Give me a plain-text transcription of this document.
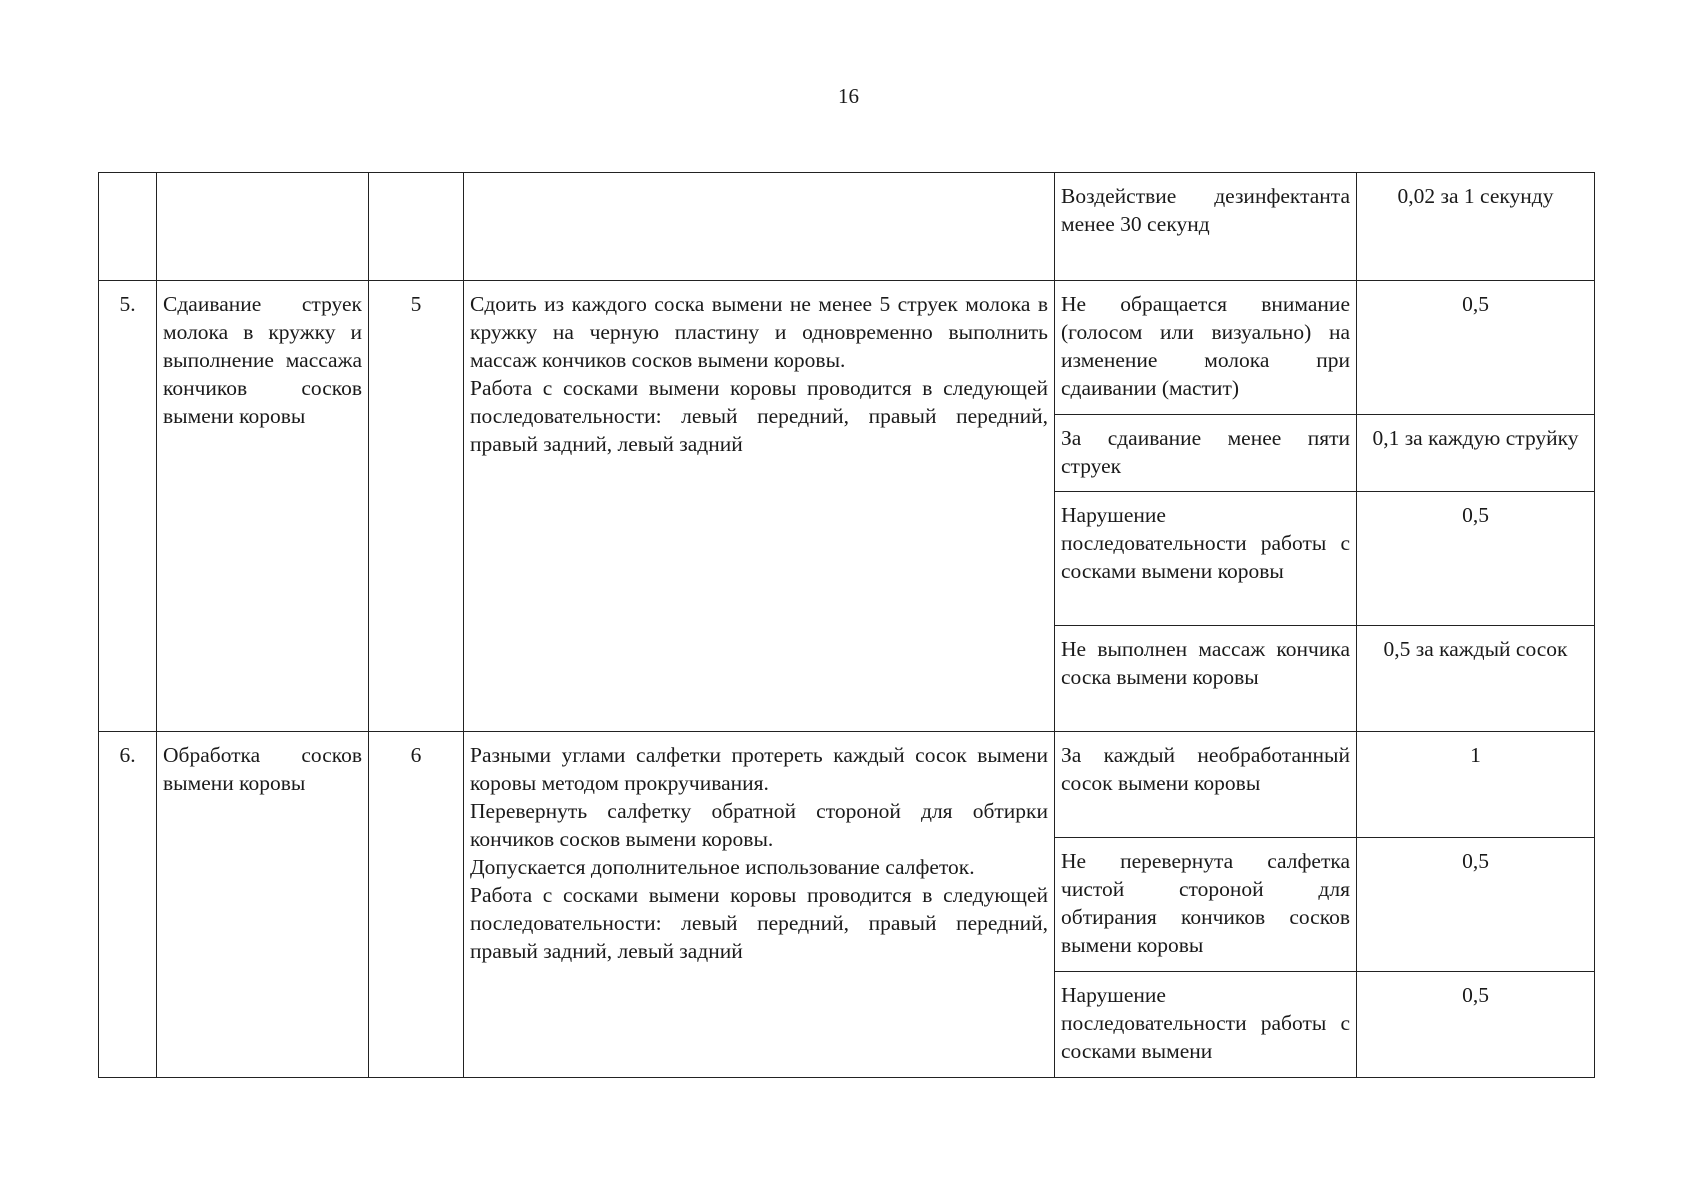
16
				Воздействие дезинфектанта менее 30 секунд	0,02 за 1 секунду
5.	Сдаивание струек молока в кружку и выполнение массажа кончиков сосков вымени коровы	5	Сдоить из каждого соска вымени не менее 5 струек молока в кружку на черную пластину и одновременно выполнить массаж кончиков сосков вымени коровы.
Работа с сосками вымени коровы проводится в следующей последовательности: левый передний, правый передний, правый задний, левый задний	Не обращается внимание (голосом или визуально) на изменение молока при сдаивании (мастит)	0,5
				За сдаивание менее пяти струек	0,1 за каждую струйку
				Нарушение последовательности работы с сосками вымени коровы	0,5
				Не выполнен массаж кончика соска вымени коровы	0,5 за каждый сосок
6.	Обработка сосков вымени коровы	6	Разными углами салфетки протереть каждый сосок вымени коровы методом прокручивания.
Перевернуть салфетку обратной стороной для обтирки кончиков сосков вымени коровы.
Допускается дополнительное использование салфеток.
Работа с сосками вымени коровы проводится в следующей последовательности: левый передний, правый передний, правый задний, левый задний	За каждый необработанный сосок вымени коровы	1
				Не перевернута салфетка чистой стороной для обтирания кончиков сосков вымени коровы	0,5
				Нарушение последовательности работы с сосками вымени	0,5
